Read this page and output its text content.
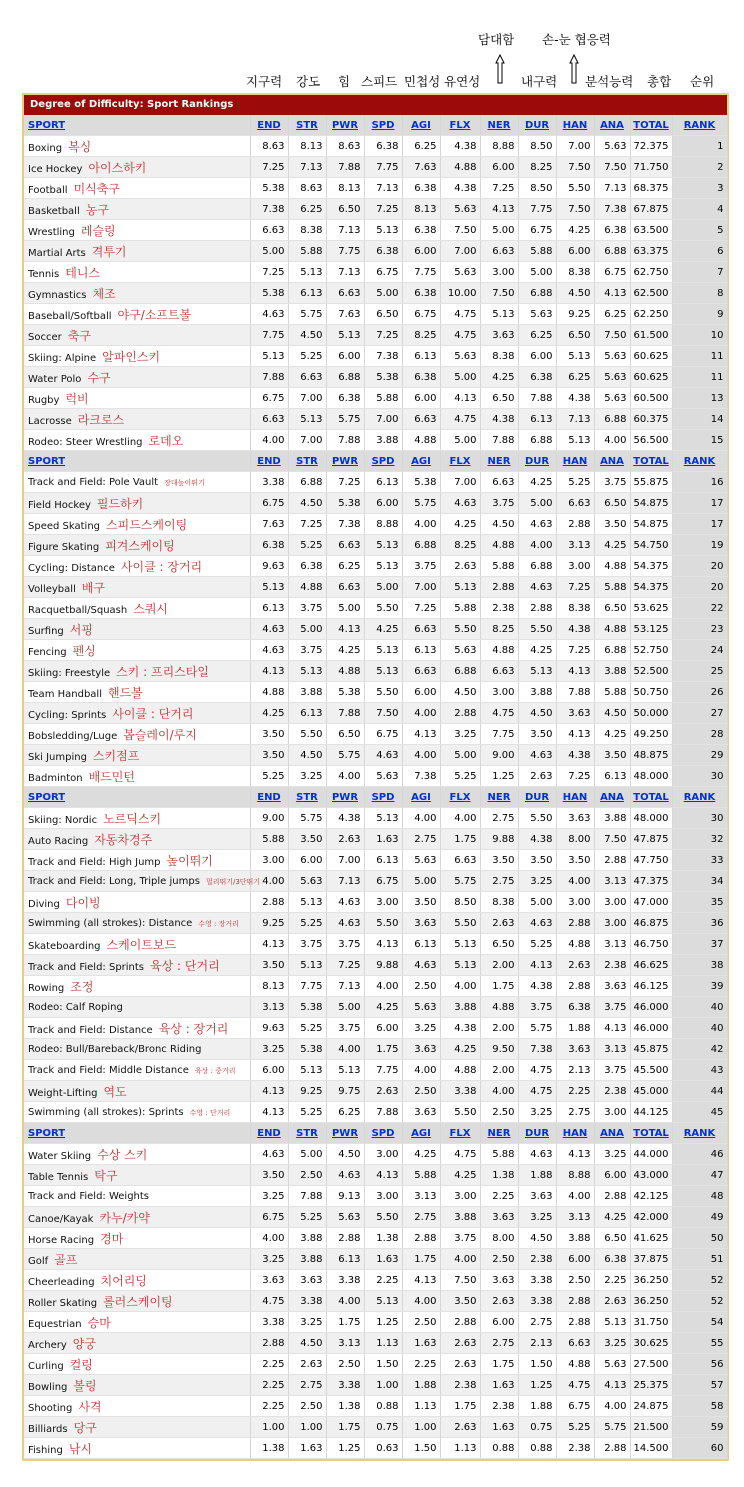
지구력 강도 힘 스피드 민첩성 유연성
담대함
내구력
손-눈 협응력
분석능력 총합 순위
Degree of Difficulty: Sport Rankings
SPORT	END	STR	PWR	SPD	AGI	FLX	NER	DUR	HAN	ANA	TOTAL	RANK
Boxing 복싱	8.63	8.13	8.63	6.38	6.25	4.38	8.88	8.50	7.00	5.63	72.375	1
Ice Hockey 아이스하키	7.25	7.13	7.88	7.75	7.63	4.88	6.00	8.25	7.50	7.50	71.750	2
Football 미식축구	5.38	8.63	8.13	7.13	6.38	4.38	7.25	8.50	5.50	7.13	68.375	3
Basketball 농구	7.38	6.25	6.50	7.25	8.13	5.63	4.13	7.75	7.50	7.38	67.875	4
Wrestling 레슬링	6.63	8.38	7.13	5.13	6.38	7.50	5.00	6.75	4.25	6.38	63.500	5
Martial Arts 격투기	5.00	5.88	7.75	6.38	6.00	7.00	6.63	5.88	6.00	6.88	63.375	6
Tennis 테니스	7.25	5.13	7.13	6.75	7.75	5.63	3.00	5.00	8.38	6.75	62.750	7
Gymnastics 체조	5.38	6.13	6.63	5.00	6.38	10.00	7.50	6.88	4.50	4.13	62.500	8
Baseball/Softball 야구/소프트볼	4.63	5.75	7.63	6.50	6.75	4.75	5.13	5.63	9.25	6.25	62.250	9
Soccer 축구	7.75	4.50	5.13	7.25	8.25	4.75	3.63	6.25	6.50	7.50	61.500	10
Skiing: Alpine 알파인스키	5.13	5.25	6.00	7.38	6.13	5.63	8.38	6.00	5.13	5.63	60.625	11
Water Polo 수구	7.88	6.63	6.88	5.38	6.38	5.00	4.25	6.38	6.25	5.63	60.625	11
Rugby 럭비	6.75	7.00	6.38	5.88	6.00	4.13	6.50	7.88	4.38	5.63	60.500	13
Lacrosse 라크로스	6.63	5.13	5.75	7.00	6.63	4.75	4.38	6.13	7.13	6.88	60.375	14
Rodeo: Steer Wrestling 로데오	4.00	7.00	7.88	3.88	4.88	5.00	7.88	6.88	5.13	4.00	56.500	15
SPORT	END	STR	PWR	SPD	AGI	FLX	NER	DUR	HAN	ANA	TOTAL	RANK
Track and Field: Pole Vault 장대높이뛰기	3.38	6.88	7.25	6.13	5.38	7.00	6.63	4.25	5.25	3.75	55.875	16
Field Hockey 필드하키	6.75	4.50	5.38	6.00	5.75	4.63	3.75	5.00	6.63	6.50	54.875	17
Speed Skating 스피드스케이팅	7.63	7.25	7.38	8.88	4.00	4.25	4.50	4.63	2.88	3.50	54.875	17
Figure Skating 피겨스케이팅	6.38	5.25	6.63	5.13	6.88	8.25	4.88	4.00	3.13	4.25	54.750	19
Cycling: Distance 사이클 : 장거리	9.63	6.38	6.25	5.13	3.75	2.63	5.88	6.88	3.00	4.88	54.375	20
Volleyball 배구	5.13	4.88	6.63	5.00	7.00	5.13	2.88	4.63	7.25	5.88	54.375	20
Racquetball/Squash 스쿼시	6.13	3.75	5.00	5.50	7.25	5.88	2.38	2.88	8.38	6.50	53.625	22
Surfing 서핑	4.63	5.00	4.13	4.25	6.63	5.50	8.25	5.50	4.38	4.88	53.125	23
Fencing 펜싱	4.63	3.75	4.25	5.13	6.13	5.63	4.88	4.25	7.25	6.88	52.750	24
Skiing: Freestyle 스키 : 프리스타일	4.13	5.13	4.88	5.13	6.63	6.88	6.63	5.13	4.13	3.88	52.500	25
Team Handball 핸드볼	4.88	3.88	5.38	5.50	6.00	4.50	3.00	3.88	7.88	5.88	50.750	26
Cycling: Sprints 사이클 : 단거리	4.25	6.13	7.88	7.50	4.00	2.88	4.75	4.50	3.63	4.50	50.000	27
Bobsledding/Luge 봅슬레이/루지	3.50	5.50	6.50	6.75	4.13	3.25	7.75	3.50	4.13	4.25	49.250	28
Ski Jumping 스키점프	3.50	4.50	5.75	4.63	4.00	5.00	9.00	4.63	4.38	3.50	48.875	29
Badminton 배드민턴	5.25	3.25	4.00	5.63	7.38	5.25	1.25	2.63	7.25	6.13	48.000	30
SPORT	END	STR	PWR	SPD	AGI	FLX	NER	DUR	HAN	ANA	TOTAL	RANK
Skiing: Nordic 노르딕스키	9.00	5.75	4.38	5.13	4.00	4.00	2.75	5.50	3.63	3.88	48.000	30
Auto Racing 자동차경주	5.88	3.50	2.63	1.63	2.75	1.75	9.88	4.38	8.00	7.50	47.875	32
Track and Field: High Jump 높이뛰기	3.00	6.00	7.00	6.13	5.63	6.63	3.50	3.50	3.50	2.88	47.750	33
Track and Field: Long, Triple jumps 멀리뛰기/3단뛰기	4.00	5.63	7.13	6.75	5.00	5.75	2.75	3.25	4.00	3.13	47.375	34
Diving 다이빙	2.88	5.13	4.63	3.00	3.50	8.50	8.38	5.00	3.00	3.00	47.000	35
Swimming (all strokes): Distance 수영 : 장거리	9.25	5.25	4.63	5.50	3.63	5.50	2.63	4.63	2.88	3.00	46.875	36
Skateboarding 스케이트보드	4.13	3.75	3.75	4.13	6.13	5.13	6.50	5.25	4.88	3.13	46.750	37
Track and Field: Sprints 육상 : 단거리	3.50	5.13	7.25	9.88	4.63	5.13	2.00	4.13	2.63	2.38	46.625	38
Rowing 조정	8.13	7.75	7.13	4.00	2.50	4.00	1.75	4.38	2.88	3.63	46.125	39
Rodeo: Calf Roping	3.13	5.38	5.00	4.25	5.63	3.88	4.88	3.75	6.38	3.75	46.000	40
Track and Field: Distance 육상 : 장거리	9.63	5.25	3.75	6.00	3.25	4.38	2.00	5.75	1.88	4.13	46.000	40
Rodeo: Bull/Bareback/Bronc Riding	3.25	5.38	4.00	1.75	3.63	4.25	9.50	7.38	3.63	3.13	45.875	42
Track and Field: Middle Distance 육상 : 중거리	6.00	5.13	5.13	7.75	4.00	4.88	2.00	4.75	2.13	3.75	45.500	43
Weight-Lifting 역도	4.13	9.25	9.75	2.63	2.50	3.38	4.00	4.75	2.25	2.38	45.000	44
Swimming (all strokes): Sprints 수영 : 단거리	4.13	5.25	6.25	7.88	3.63	5.50	2.50	3.25	2.75	3.00	44.125	45
SPORT	END	STR	PWR	SPD	AGI	FLX	NER	DUR	HAN	ANA	TOTAL	RANK
Water Skiing 수상 스키	4.63	5.00	4.50	3.00	4.25	4.75	5.88	4.63	4.13	3.25	44.000	46
Table Tennis 탁구	3.50	2.50	4.63	4.13	5.88	4.25	1.38	1.88	8.88	6.00	43.000	47
Track and Field: Weights	3.25	7.88	9.13	3.00	3.13	3.00	2.25	3.63	4.00	2.88	42.125	48
Canoe/Kayak 카누/카약	6.75	5.25	5.63	5.50	2.75	3.88	3.63	3.25	3.13	4.25	42.000	49
Horse Racing 경마	4.00	3.88	2.88	1.38	2.88	3.75	8.00	4.50	3.88	6.50	41.625	50
Golf 골프	3.25	3.88	6.13	1.63	1.75	4.00	2.50	2.38	6.00	6.38	37.875	51
Cheerleading 치어리딩	3.63	3.63	3.38	2.25	4.13	7.50	3.63	3.38	2.50	2.25	36.250	52
Roller Skating 롤러스케이팅	4.75	3.38	4.00	5.13	4.00	3.50	2.63	3.38	2.88	2.63	36.250	52
Equestrian 승마	3.38	3.25	1.75	1.25	2.50	2.88	6.00	2.75	2.88	5.13	31.750	54
Archery 양궁	2.88	4.50	3.13	1.13	1.63	2.63	2.75	2.13	6.63	3.25	30.625	55
Curling 컬링	2.25	2.63	2.50	1.50	2.25	2.63	1.75	1.50	4.88	5.63	27.500	56
Bowling 볼링	2.25	2.75	3.38	1.00	1.88	2.38	1.63	1.25	4.75	4.13	25.375	57
Shooting 사격	2.25	2.50	1.38	0.88	1.13	1.75	2.38	1.88	6.75	4.00	24.875	58
Billiards 당구	1.00	1.00	1.75	0.75	1.00	2.63	1.63	0.75	5.25	5.75	21.500	59
Fishing 낚시	1.38	1.63	1.25	0.63	1.50	1.13	0.88	0.88	2.38	2.88	14.500	60
